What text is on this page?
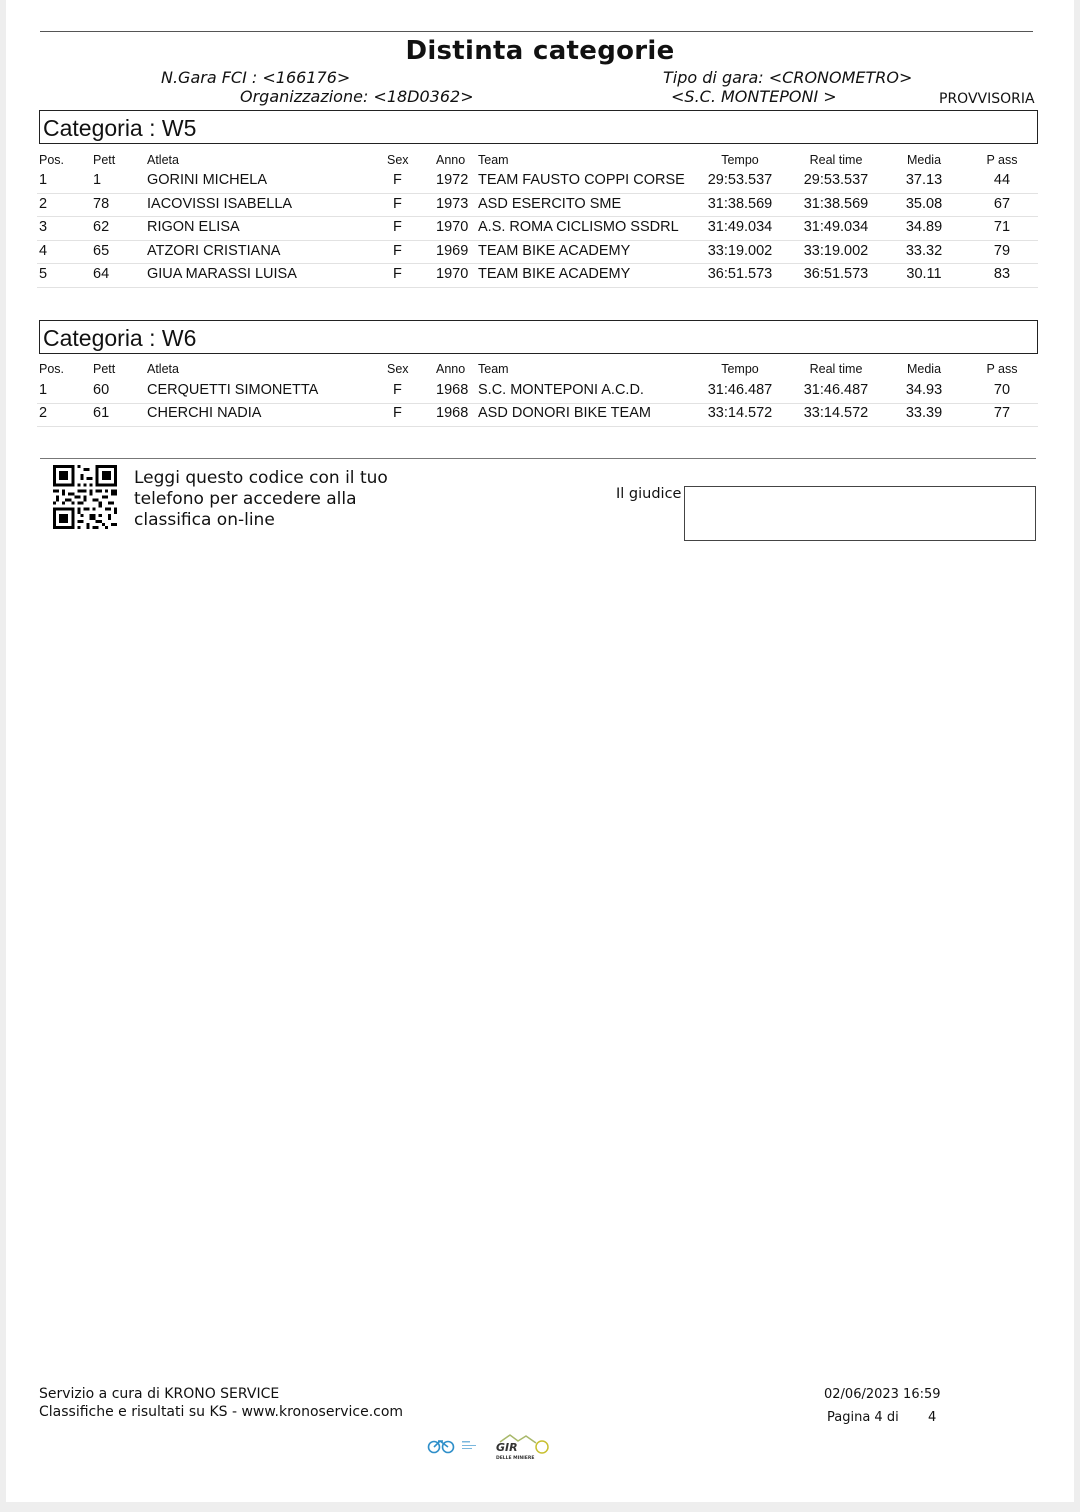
Distinta categorie
N.Gara FCI : <166176>
Organizzazione: <18D0362>
Tipo di gara: <CRONOMETRO>
<S.C. MONTEPONI >	PROVVISORIA
Categoria : W5
Pos. Pett	Atleta	Sex Anno Team	Tempo	Real time	Media	P ass
1	1	GORINI MICHELA	F 1972 TEAM FAUSTO COPPI CORSE 29:53.537 29:53.537	37.13	44
2	78	IACOVISSI ISABELLA	F 1973 ASD ESERCITO SME	31:38.569 31:38.569	35.08	67
3	62	RIGON ELISA	F 1970 A.S. ROMA CICLISMO SSDRL 31:49.034 31:49.034	34.89	71
4	65	ATZORI CRISTIANA	F 1969 TEAM BIKE ACADEMY	33:19.002 33:19.002	33.32	79
5	64	GIUA MARASSI LUISA	F 1970 TEAM BIKE ACADEMY	36:51.573 36:51.573	30.11	83
Categoria : W6
Pos. Pett	Atleta	Sex Anno Team	Tempo	Real time	Media	P ass
1	60	CERQUETTI SIMONETTA	F 1968 S.C. MONTEPONI A.C.D.	31:46.487 31:46.487	34.93	70
2	61	CHERCHI NADIA	F 1968 ASD DONORI BIKE TEAM	33:14.572 33:14.572	33.39	77
Leggi questo codice con il tuo
telefono per accedere alla
classifica on-line
Il giudice
Servizio a cura di KRONO SERVICE
Classifiche e risultati su KS - www.kronoservice.com
02/06/2023 16:59
Pagina 4 di 4
GIR
DELLE MINIERE
